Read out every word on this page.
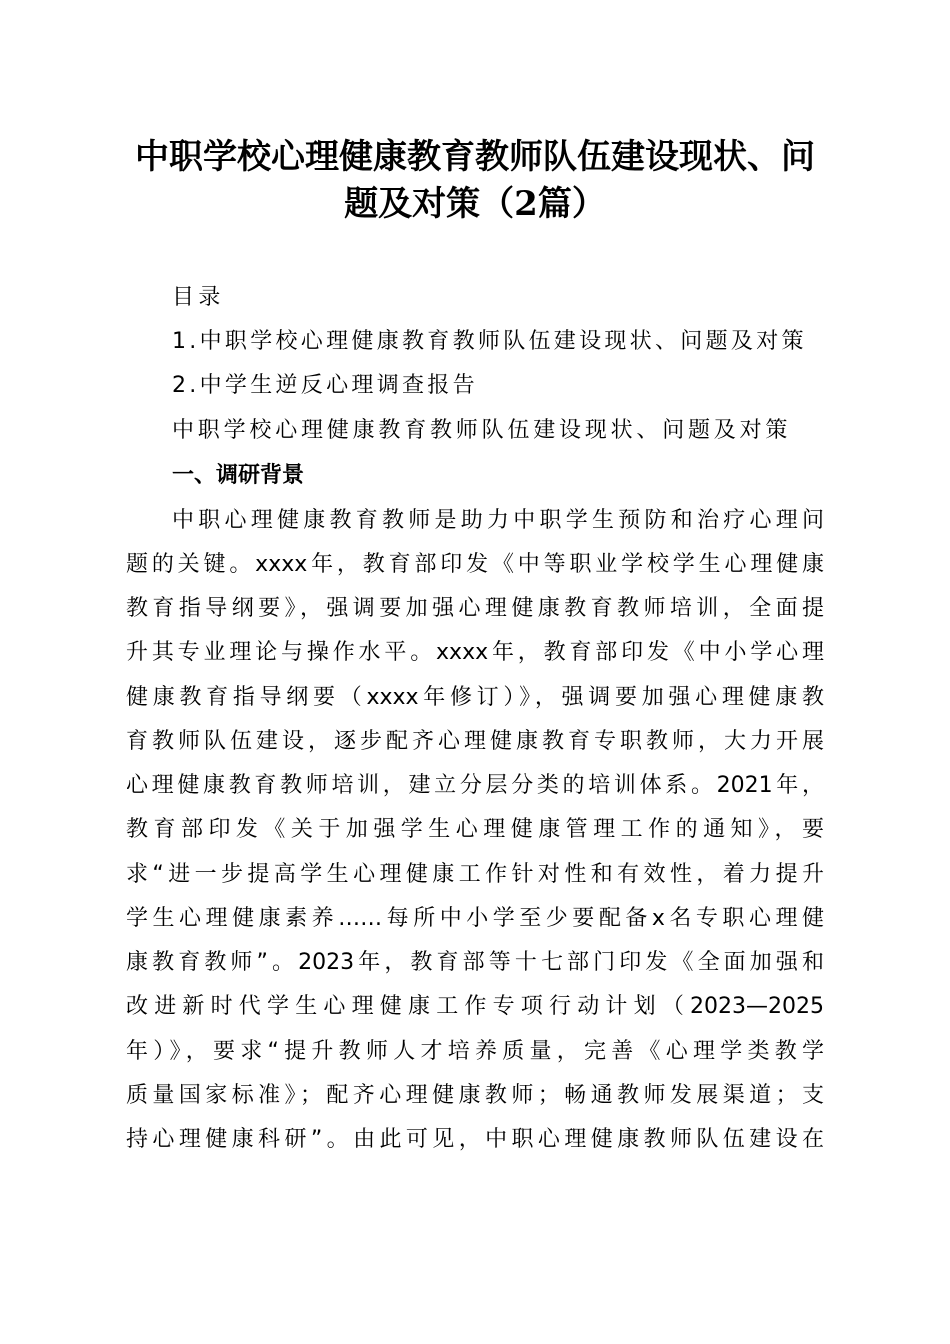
中职学校心理健康教育教师队伍建设现状、问
题及对策（2篇）
目录
1.中职学校心理健康教育教师队伍建设现状、问题及对策
2.中学生逆反心理调查报告
中职学校心理健康教育教师队伍建设现状、问题及对策
一、调研背景
中职心理健康教育教师是助力中职学生预防和治疗心理问
题的关键。xxxx年，教育部印发《中等职业学校学生心理健康
教育指导纲要》，强调要加强心理健康教育教师培训，全面提
升其专业理论与操作水平。xxxx年，教育部印发《中小学心理
健康教育指导纲要（xxxx年修订）》，强调要加强心理健康教
育教师队伍建设，逐步配齐心理健康教育专职教师，大力开展
心理健康教育教师培训，建立分层分类的培训体系。2021年，
教育部印发《关于加强学生心理健康管理工作的通知》，要
求“进一步提高学生心理健康工作针对性和有效性，着力提升
学生心理健康素养……每所中小学至少要配备x名专职心理健
康教育教师”。2023年，教育部等十七部门印发《全面加强和
改进新时代学生心理健康工作专项行动计划（2023—2025
年）》，要求“提升教师人才培养质量，完善《心理学类教学
质量国家标准》；配齐心理健康教师；畅通教师发展渠道；支
持心理健康科研”。由此可见，中职心理健康教师队伍建设在
